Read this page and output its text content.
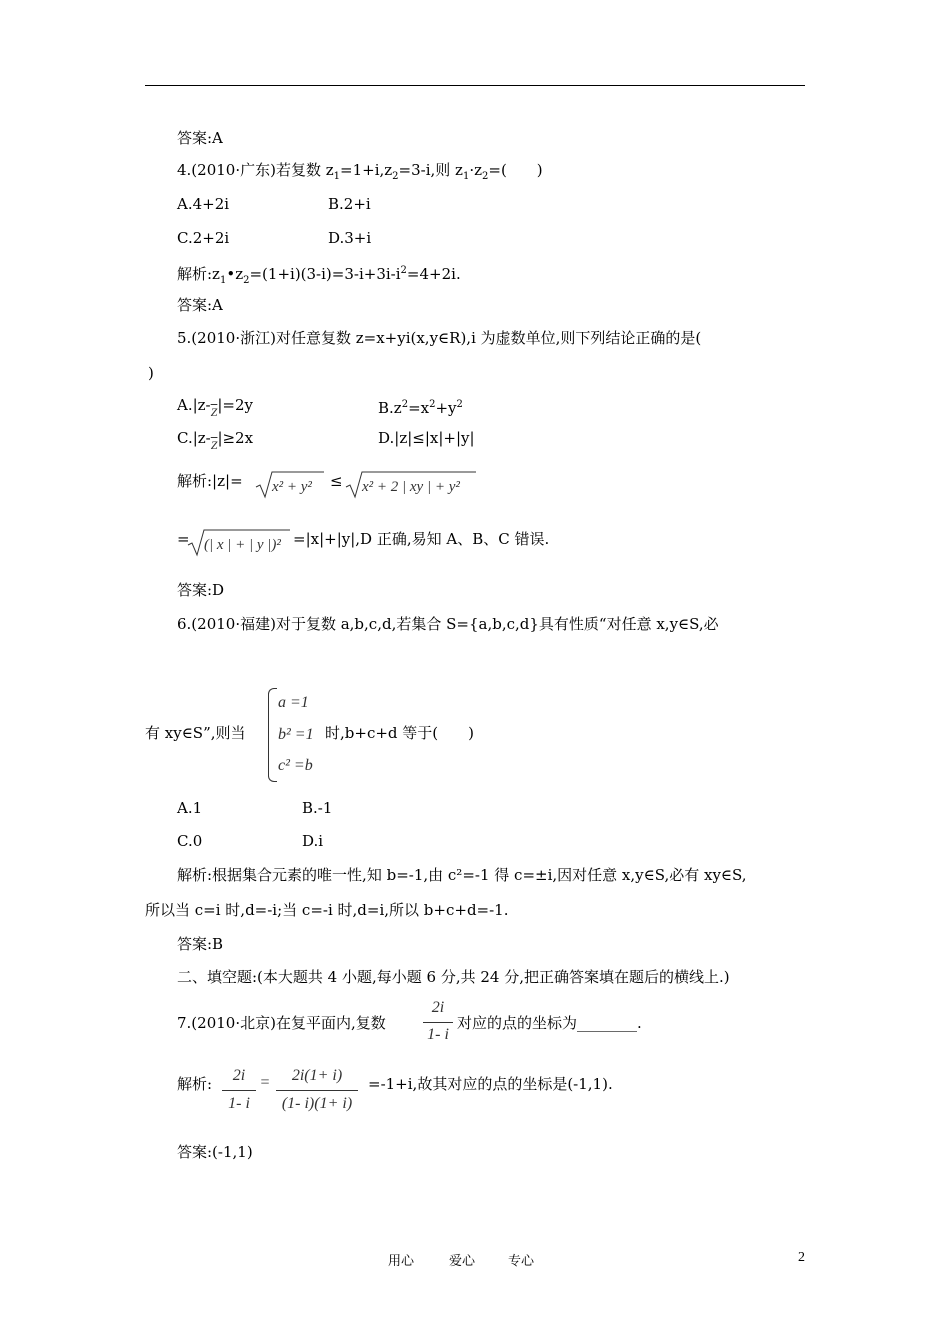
答案:A
4.(2010·广东)若复数 $z_1=1+i,z_2=3-i$,则 $z_1\cdot z_2=$(　　)
A.4+2i	B.2+i
C.2+2i	D.3+i
解析$:z_1•z_2=(1+i)(3-i)=3-i+3i-i^2=4+2i$.
答案:A
5.(2010·浙江)对任意复数 z=x+yi(x,y∈R),i 为虚数单位,则下列结论正确的是(
)
$A.|z-\overline{Z}|=2y$	$B.z^2=x^2+y^2$
$C.|z-\overline{Z}|\ge 2x$	D.|z|≤|x|+|y|
解析:|z|= x² + y² ≤ x² + 2 | xy | + y²
= (| x | + | y |)² =|x|+|y|,D 正确,易知 A、B、C 错误.
答案:D
6.(2010·福建)对于复数 a,b,c,d,若集合 S={a,b,c,d}具有性质“对任意 x,y∈S,必
有 xy∈S”,则当
a =1
b² =1
c² =b
时,b+c+d 等于(　　)
A.1	B.-1
C.0	D.i
解析:根据集合元素的唯一性,知 b=-1,由 c²=-1 得 c=±i,因对任意 x,y∈S,必有 xy∈S,
所以当 c=i 时,d=-i;当 c=-i 时,d=i,所以 b+c+d=-1.
答案:B
二、填空题:(本大题共 4 小题,每小题 6 分,共 24 分,把正确答案填在题后的横线上.)
7.(2010·北京)在复平面内,复数
2i
1- i
对应的点的坐标为________.
解析:	2i
1- i
=	2i(1+ i)
(1- i)(1+ i)
=-1+i,故其对应的点的坐标是(-1,1).
答案:(-1,1)
用心	爱心	专心	2
